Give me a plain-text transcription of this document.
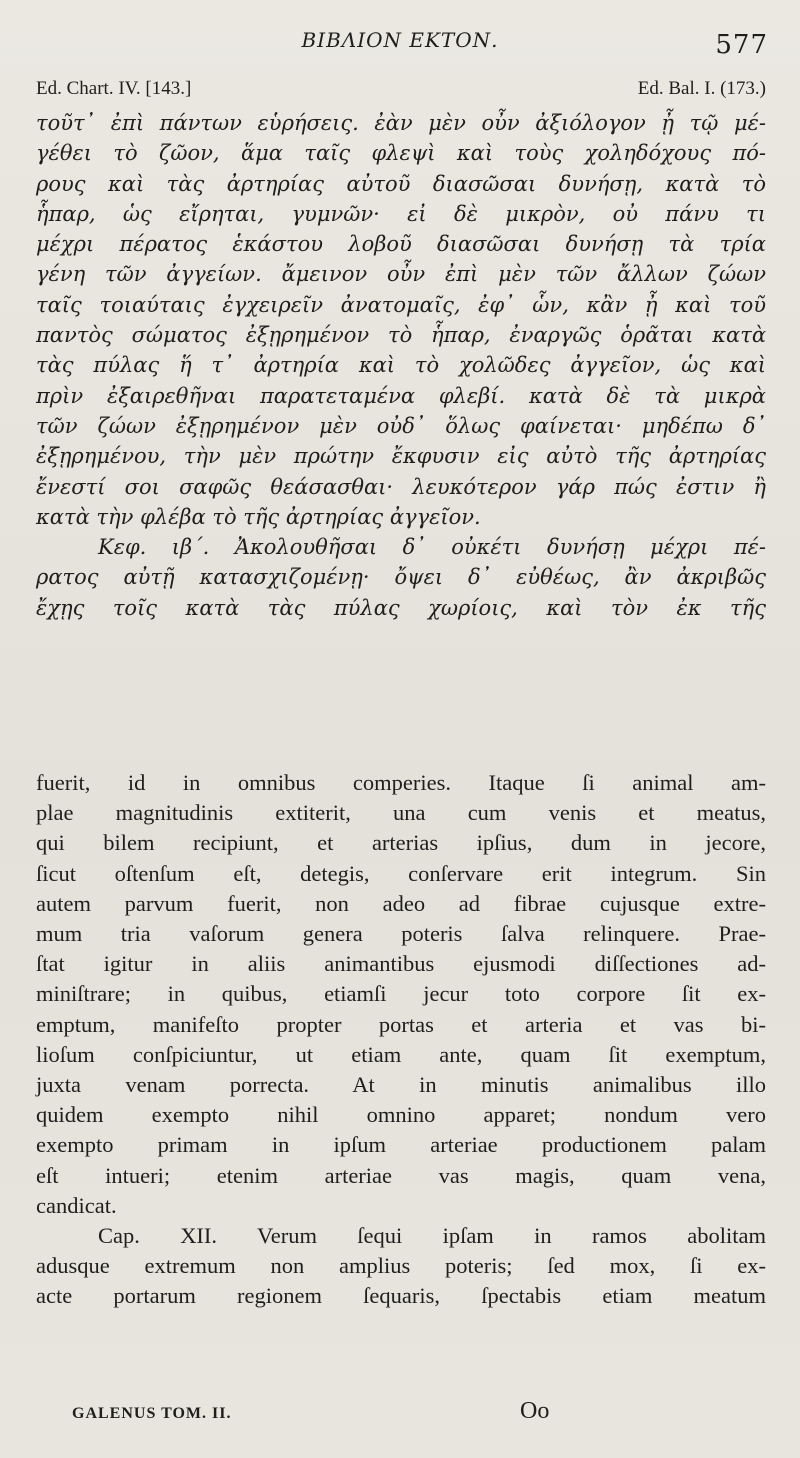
ΒΙΒΛΙΟΝ ΕΚΤΟΝ.	577
Ed. Chart. IV. [143.]	Ed. Bal. I. (173.)
τοῦτ᾿ ἐπὶ πάντων εὑρήσεις. ἐὰν μὲν οὖν ἀξιόλογον ᾖ τῷ μέ-
γέθει τὸ ζῶον, ἅμα ταῖς φλεψὶ καὶ τοὺς χοληδόχους πό-
ρους καὶ τὰς ἀρτηρίας αὐτοῦ διασῶσαι δυνήσῃ, κατὰ τὸ
ἧπαρ, ὡς εἴρηται, γυμνῶν· εἰ δὲ μικρὸν, οὐ πάνυ τι
μέχρι πέρατος ἑκάστου λοβοῦ διασῶσαι δυνήσῃ τὰ τρία
γένη τῶν ἀγγείων. ἄμεινον οὖν ἐπὶ μὲν τῶν ἄλλων ζώων
ταῖς τοιαύταις ἐγχειρεῖν ἀνατομαῖς, ἐφ᾿ ὧν, κἂν ᾖ καὶ τοῦ
παντὸς σώματος ἐξῃρημένον τὸ ἧπαρ, ἐναργῶς ὁρᾶται κατὰ
τὰς πύλας ἥ τ᾿ ἀρτηρία καὶ τὸ χολῶδες ἀγγεῖον, ὡς καὶ
πρὶν ἐξαιρεθῆναι παρατεταμένα φλεβί. κατὰ δὲ τὰ μικρὰ
τῶν ζώων ἐξῃρημένον μὲν οὐδ᾿ ὅλως φαίνεται· μηδέπω δ᾿
ἐξῃρημένου, τὴν μὲν πρώτην ἔκφυσιν εἰς αὐτὸ τῆς ἀρτηρίας
ἔνεστί σοι σαφῶς θεάσασθαι· λευκότερον γάρ πώς ἐστιν ἢ
κατὰ τὴν φλέβα τὸ τῆς ἀρτηρίας ἀγγεῖον.
Κεφ. ιβ΄. Ἀκολουθῆσαι δ᾿ οὐκέτι δυνήσῃ μέχρι πέ-
ρατος αὐτῇ κατασχιζομένῃ· ὄψει δ᾿ εὐθέως, ἂν ἀκριβῶς
ἔχῃς τοῖς κατὰ τὰς πύλας χωρίοις, καὶ τὸν ἐκ τῆς
fuerit, id in omnibus comperies. Itaque ſi animal am-
plae magnitudinis extiterit, una cum venis et meatus,
qui bilem recipiunt, et arterias ipſius, dum in jecore,
ſicut oſtenſum eſt, detegis, conſervare erit integrum. Sin
autem parvum fuerit, non adeo ad fibrae cujusque extre-
mum tria vaſorum genera poteris ſalva relinquere. Prae-
ſtat igitur in aliis animantibus ejusmodi diſſectiones ad-
miniſtrare; in quibus, etiamſi jecur toto corpore ſit ex-
emptum, manifeſto propter portas et arteria et vas bi-
lioſum conſpiciuntur, ut etiam ante, quam ſit exemptum,
juxta venam porrecta. At in minutis animalibus illo
quidem exempto nihil omnino apparet; nondum vero
exempto primam in ipſum arteriae productionem palam
eſt intueri; etenim arteriae vas magis, quam vena,
candicat.
Cap. XII. Verum ſequi ipſam in ramos abolitam
adusque extremum non amplius poteris; ſed mox, ſi ex-
acte portarum regionem ſequaris, ſpectabis etiam meatum
GALENUS TOM. II.	Oo
